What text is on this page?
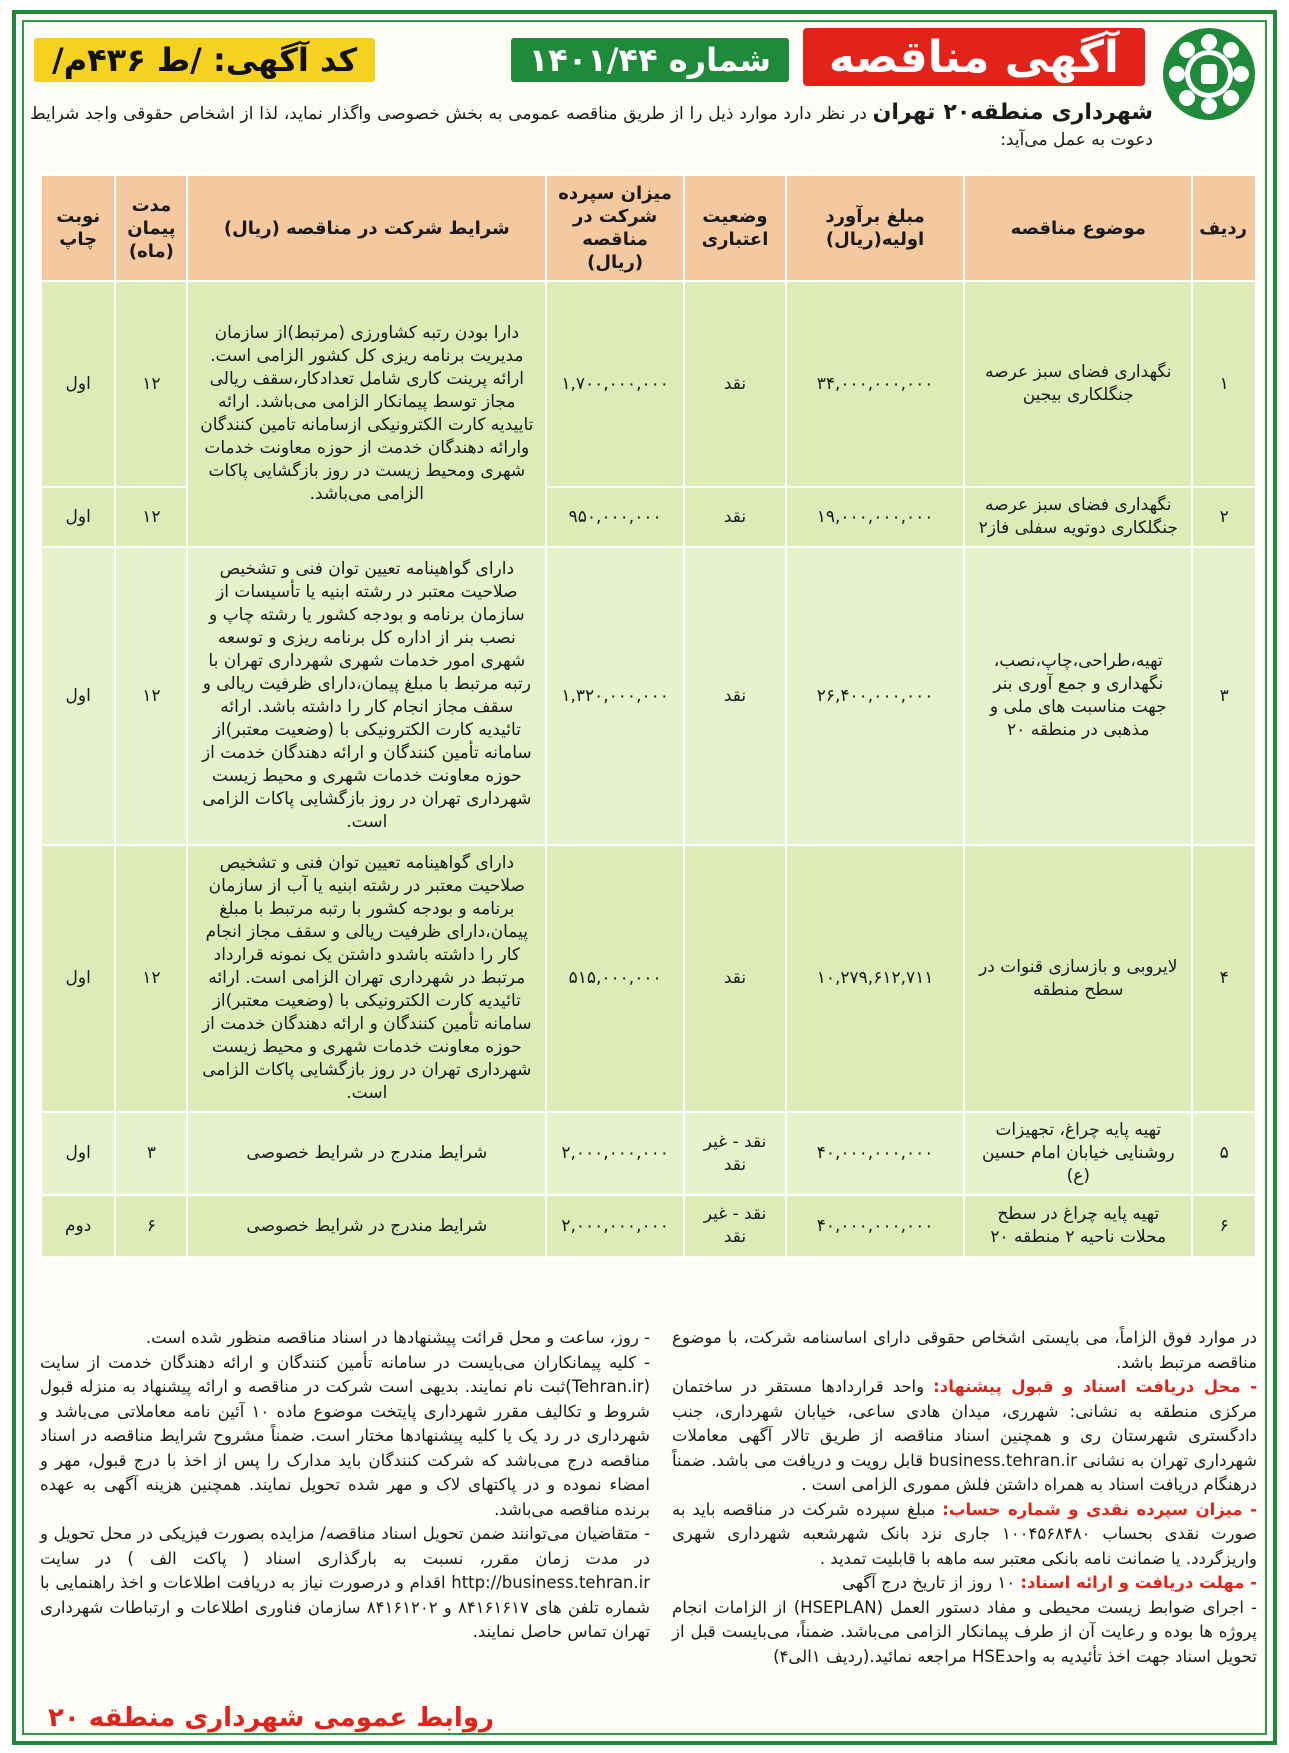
آگهی مناقصه
شماره ۱۴۰۱/۴۴
کد آگهی: /ط ۴۳۶م/
شهرداری منطقه۲۰ تهران در نظر دارد موارد ذیل را از طریق مناقصه عمومی به بخش خصوصی واگذار نماید، لذا از اشخاص حقوقی واجد شرایط دعوت به عمل می‌آید:
ردیف	موضوع مناقصه	مبلغ برآورد اولیه(ریال)	وضعیت اعتباری	میزان سپرده شرکت در مناقصه (ریال)	شرایط شرکت در مناقصه (ریال)	مدت پیمان (ماه)	نوبت چاپ
۱	نگهداری فضای سبز عرصه جنگلکاری بیجین	۳۴,۰۰۰,۰۰۰,۰۰۰	نقد	۱,۷۰۰,۰۰۰,۰۰۰	دارا بودن رتبه کشاورزی (مرتبط)از سازمان مدیریت برنامه ریزی کل کشور الزامی است. ارائه پرینت کاری شامل تعدادکار،سقف ریالی مجاز توسط پیمانکار الزامی می‌باشد. ارائه تاییدیه کارت الکترونیکی ازسامانه تامین کنندگان وارائه دهندگان خدمت از حوزه معاونت خدمات شهری ومحیط زیست در روز بازگشایی پاکات الزامی می‌باشد.	۱۲	اول
۲	نگهداری فضای سبز عرصه جنگلکاری دوتویه سفلی فاز۲	۱۹,۰۰۰,۰۰۰,۰۰۰	نقد	۹۵۰,۰۰۰,۰۰۰		۱۲	اول
۳	تهیه،طراحی،چاپ،نصب، نگهداری و جمع آوری بنر جهت مناسبت های ملی و مذهبی در منطقه ۲۰	۲۶,۴۰۰,۰۰۰,۰۰۰	نقد	۱,۳۲۰,۰۰۰,۰۰۰	دارای گواهینامه تعیین توان فنی و تشخیص صلاحیت معتبر در رشته ابنیه یا تأسیسات از سازمان برنامه و بودجه کشور یا رشته چاپ و نصب بنر از اداره کل برنامه ریزی و توسعه شهری امور خدمات شهری شهرداری تهران با رتبه مرتبط با مبلغ پیمان،دارای ظرفیت ریالی و سقف مجاز انجام کار را داشته باشد. ارائه تائیدیه کارت الکترونیکی با (وضعیت معتبر)از سامانه تأمین کنندگان و ارائه دهندگان خدمت از حوزه معاونت خدمات شهری و محیط زیست شهرداری تهران در روز بازگشایی پاکات الزامی است.	۱۲	اول
۴	لایروبی و بازسازی قنوات در سطح منطقه	۱۰,۲۷۹,۶۱۲,۷۱۱	نقد	۵۱۵,۰۰۰,۰۰۰	دارای گواهینامه تعیین توان فنی و تشخیص صلاحیت معتبر در رشته ابنیه یا آب از سازمان برنامه و بودجه کشور با رتبه مرتبط با مبلغ پیمان،دارای ظرفیت ریالی و سقف مجاز انجام کار را داشته باشدو داشتن یک نمونه قرارداد مرتبط در شهرداری تهران الزامی است. ارائه تائیدیه کارت الکترونیکی با (وضعیت معتبر)از سامانه تأمین کنندگان و ارائه دهندگان خدمت از حوزه معاونت خدمات شهری و محیط زیست شهرداری تهران در روز بازگشایی پاکات الزامی است.	۱۲	اول
۵	تهیه پایه چراغ، تجهیزات روشنایی خیابان امام حسین (ع)	۴۰,۰۰۰,۰۰۰,۰۰۰	نقد - غیر نقد	۲,۰۰۰,۰۰۰,۰۰۰	شرایط مندرج در شرایط خصوصی	۳	اول
۶	تهیه پایه چراغ در سطح محلات ناحیه ۲ منطقه ۲۰	۴۰,۰۰۰,۰۰۰,۰۰۰	نقد - غیر نقد	۲,۰۰۰,۰۰۰,۰۰۰	شرایط مندرج در شرایط خصوصی	۶	دوم

در موارد فوق الزاماً، می بایستی اشخاص حقوقی دارای اساسنامه شرکت، با موضوع مناقصه مرتبط باشد.

- محل دریافت اسناد و قبول پیشنهاد: واحد قراردادها مستقر در ساختمان مرکزی منطقه به نشانی: شهرری، میدان هادی ساعی، خیابان شهرداری، جنب دادگستری شهرستان ری و همچنین اسناد مناقصه از طریق تالار آگهی معاملات شهرداری تهران به نشانی business.tehran.ir قابل رویت و دریافت می باشد. ضمناً درهنگام دریافت اسناد به همراه داشتن فلش مموری الزامی است .

- میزان سپرده نقدی و شماره حساب: مبلغ سپرده شرکت در مناقصه باید به صورت نقدی بحساب ۱۰۰۴۵۶۸۴۸۰ جاری نزد بانک شهرشعبه شهرداری شهری واریزگردد. یا ضمانت نامه بانکی معتبر سه ماهه با قابلیت تمدید .

- مهلت دریافت و ارائه اسناد: ۱۰ روز از تاریخ درج آگهی

- اجرای ضوابط زیست محیطی و مفاد دستور العمل (HSEPLAN) از الزامات انجام پروژه ها بوده و رعایت آن از طرف پیمانکار الزامی می‌باشد. ضمناً، می‌بایست قبل از تحویل اسناد جهت اخذ تأئیدیه به واحدHSE مراجعه نمائید.(ردیف ۱الی۴)

- روز، ساعت و محل قرائت پیشنهادها در اسناد مناقصه منظور شده است.

- کلیه پیمانکاران می‌بایست در سامانه تأمین کنندگان و ارائه دهندگان خدمت از سایت (Tehran.ir)ثبت نام نمایند. بدیهی است شرکت در مناقصه و ارائه پیشنهاد به منزله قبول شروط و تکالیف مقرر شهرداری پایتخت موضوع ماده ۱۰ آئین نامه معاملاتی می‌باشد و شهرداری در رد یک یا کلیه پیشنهادها مختار است. ضمناً مشروح شرایط مناقصه در اسناد مناقصه درج می‌باشد که شرکت کنندگان باید مدارک را پس از اخذ با درج قبول، مهر و امضاء نموده و در پاکتهای لاک و مهر شده تحویل نمایند. همچنین هزینه آگهی به عهده برنده مناقصه می‌باشد.

- متقاضیان می‌توانند ضمن تحویل اسناد مناقصه/ مزایده بصورت فیزیکی در محل تحویل و در مدت زمان مقرر، نسبت به بارگذاری اسناد ( پاکت الف ) در سایت http://business.tehran.ir اقدام و درصورت نیاز به دریافت اطلاعات و اخذ راهنمایی با شماره تلفن های ۸۴۱۶۱۶۱۷ و ۸۴۱۶۱۲۰۲ سازمان فناوری اطلاعات و ارتباطات شهرداری تهران تماس حاصل نمایند.

روابط عمومی شهرداری منطقه ۲۰
